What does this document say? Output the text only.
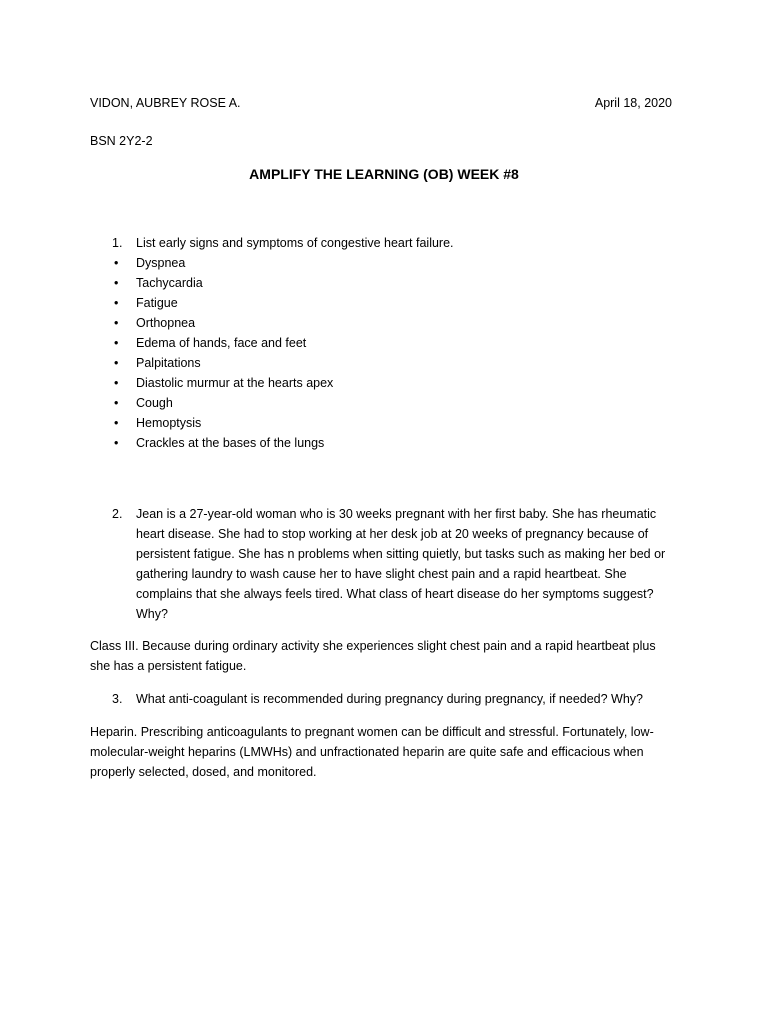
VIDON, AUBREY ROSE A.	April 18, 2020
BSN 2Y2-2
AMPLIFY THE LEARNING (OB) WEEK #8
1. List early signs and symptoms of congestive heart failure.
• Dyspnea
• Tachycardia
• Fatigue
• Orthopnea
• Edema of hands, face and feet
• Palpitations
• Diastolic murmur at the hearts apex
• Cough
• Hemoptysis
• Crackles at the bases of the lungs
2. Jean is a 27-year-old woman who is 30 weeks pregnant with her first baby. She has rheumatic heart disease. She had to stop working at her desk job at 20 weeks of pregnancy because of persistent fatigue. She has n problems when sitting quietly, but tasks such as making her bed or gathering laundry to wash cause her to have slight chest pain and a rapid heartbeat. She complains that she always feels tired. What class of heart disease do her symptoms suggest? Why?
Class III. Because during ordinary activity she experiences slight chest pain and a rapid heartbeat plus she has a persistent fatigue.
3. What anti-coagulant is recommended during pregnancy during pregnancy, if needed? Why?
Heparin. Prescribing anticoagulants to pregnant women can be difficult and stressful. Fortunately, low-molecular-weight heparins (LMWHs) and unfractionated heparin are quite safe and efficacious when properly selected, dosed, and monitored.
